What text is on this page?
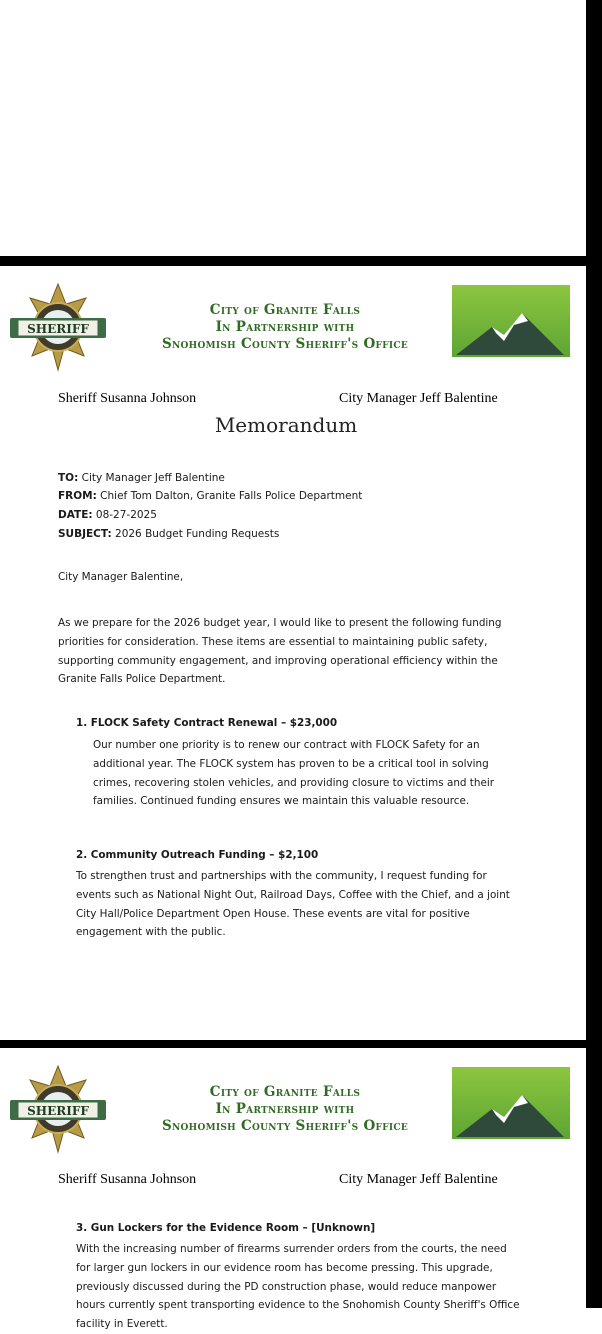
SHERIFF
City of Granite Falls
In Partnership with
Snohomish County Sheriff's Office
Sheriff Susanna Johnson	City Manager Jeff Balentine
Memorandum
TO: City Manager Jeff Balentine
FROM: Chief Tom Dalton, Granite Falls Police Department
DATE: 08-27-2025
SUBJECT: 2026 Budget Funding Requests
City Manager Balentine,
As we prepare for the 2026 budget year, I would like to present the following funding priorities for consideration. These items are essential to maintaining public safety, supporting community engagement, and improving operational efficiency within the Granite Falls Police Department.
1. FLOCK Safety Contract Renewal – $23,000
Our number one priority is to renew our contract with FLOCK Safety for an additional year. The FLOCK system has proven to be a critical tool in solving crimes, recovering stolen vehicles, and providing closure to victims and their families. Continued funding ensures we maintain this valuable resource.
2. Community Outreach Funding – $2,100
To strengthen trust and partnerships with the community, I request funding for events such as National Night Out, Railroad Days, Coffee with the Chief, and a joint City Hall/Police Department Open House. These events are vital for positive engagement with the public.
SHERIFF
City of Granite Falls
In Partnership with
Snohomish County Sheriff's Office
Sheriff Susanna Johnson	City Manager Jeff Balentine
3. Gun Lockers for the Evidence Room – [Unknown]
With the increasing number of firearms surrender orders from the courts, the need for larger gun lockers in our evidence room has become pressing. This upgrade, previously discussed during the PD construction phase, would reduce manpower hours currently spent transporting evidence to the Snohomish County Sheriff's Office facility in Everett.
